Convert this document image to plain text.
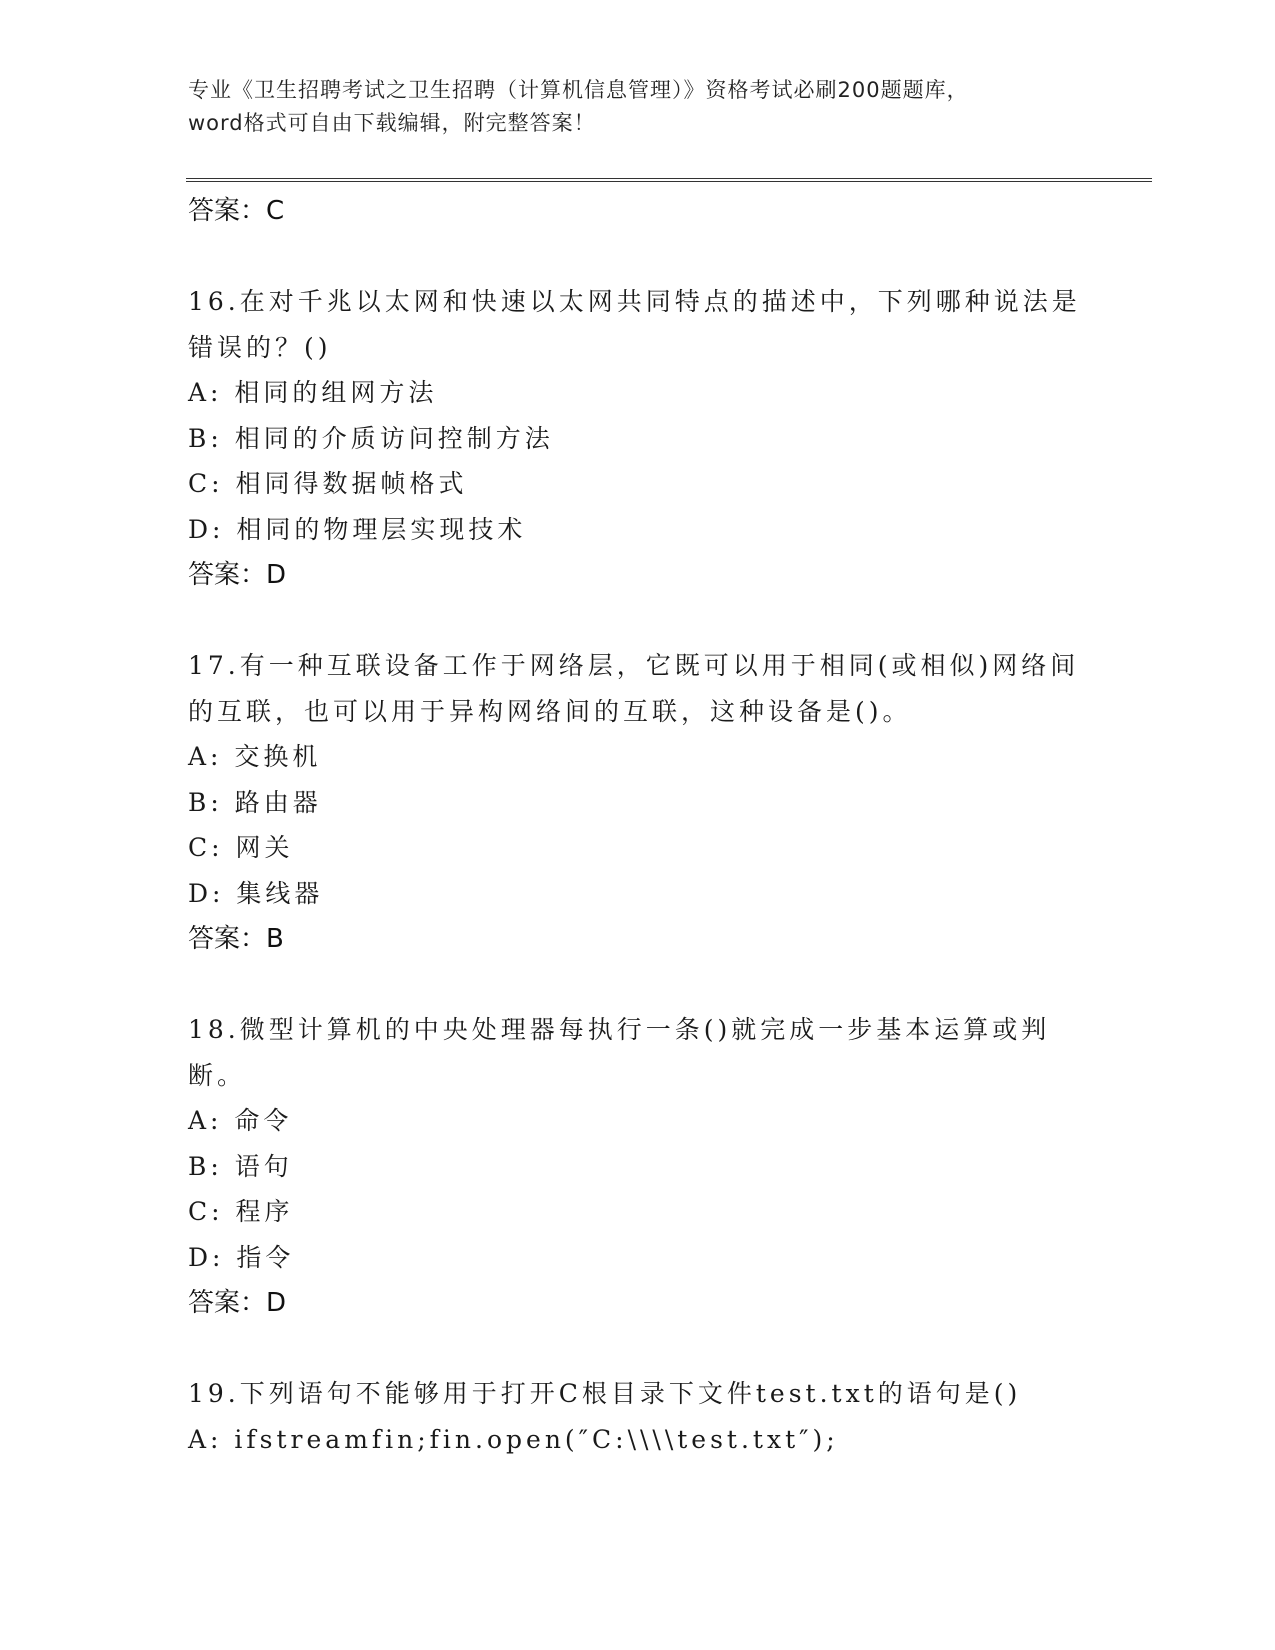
专业《卫生招聘考试之卫生招聘（计算机信息管理）》资格考试必刷200题题库，
word格式可自由下载编辑，附完整答案！
答案：C
16.在对千兆以太网和快速以太网共同特点的描述中，下列哪种说法是错误的？()
A: 相同的组网方法
B: 相同的介质访问控制方法
C: 相同得数据帧格式
D: 相同的物理层实现技术
答案：D
17.有一种互联设备工作于网络层，它既可以用于相同(或相似)网络间的互联，也可以用于异构网络间的互联，这种设备是()。
A: 交换机
B: 路由器
C: 网关
D: 集线器
答案：B
18.微型计算机的中央处理器每执行一条()就完成一步基本运算或判断。
A: 命令
B: 语句
C: 程序
D: 指令
答案：D
19.下列语句不能够用于打开C根目录下文件test.txt的语句是()
A: ifstreamfin;fin.open(″C:\\\\test.txt″);
